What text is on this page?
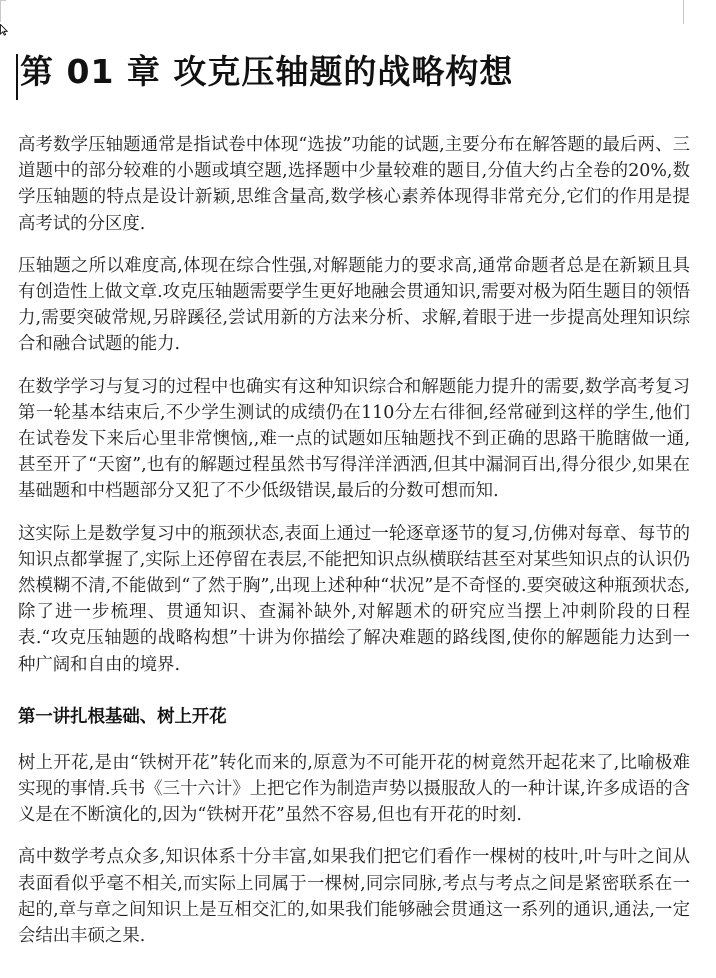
第 01 章 攻克压轴题的战略构想

高考数学压轴题通常是指试卷中体现“选拔”功能的试题,主要分布在解答题的最后两、三道题中的部分较难的小题或填空题,选择题中少量较难的题目,分值大约占全卷的20%,数学压轴题的特点是设计新颖,思维含量高,数学核心素养体现得非常充分,它们的作用是提高考试的分区度.

压轴题之所以难度高,体现在综合性强,对解题能力的要求高,通常命题者总是在新颖且具有创造性上做文章.攻克压轴题需要学生更好地融会贯通知识,需要对极为陌生题目的领悟力,需要突破常规,另辟蹊径,尝试用新的方法来分析、求解,着眼于进一步提高处理知识综合和融合试题的能力.

在数学学习与复习的过程中也确实有这种知识综合和解题能力提升的需要,数学高考复习第一轮基本结束后,不少学生测试的成绩仍在110分左右徘徊,经常碰到这样的学生,他们在试卷发下来后心里非常懊恼,,难一点的试题如压轴题找不到正确的思路干脆瞎做一通,甚至开了“天窗”,也有的解题过程虽然书写得洋洋洒洒,但其中漏洞百出,得分很少,如果在基础题和中档题部分又犯了不少低级错误,最后的分数可想而知.

这实际上是数学复习中的瓶颈状态,表面上通过一轮逐章逐节的复习,仿佛对每章、每节的知识点都掌握了,实际上还停留在表层,不能把知识点纵横联结甚至对某些知识点的认识仍然模糊不清,不能做到“了然于胸”,出现上述种种“状况”是不奇怪的.要突破这种瓶颈状态,除了进一步梳理、贯通知识、查漏补缺外,对解题术的研究应当摆上冲刺阶段的日程表.“攻克压轴题的战略构想”十讲为你描绘了解决难题的路线图,使你的解题能力达到一种广阔和自由的境界.

第一讲扎根基础、树上开花

树上开花,是由“铁树开花”转化而来的,原意为不可能开花的树竟然开起花来了,比喻极难实现的事情.兵书《三十六计》上把它作为制造声势以摄服敌人的一种计谋,许多成语的含义是在不断演化的,因为“铁树开花”虽然不容易,但也有开花的时刻.

高中数学考点众多,知识体系十分丰富,如果我们把它们看作一棵树的枝叶,叶与叶之间从表面看似乎毫不相关,而实际上同属于一棵树,同宗同脉,考点与考点之间是紧密联系在一起的,章与章之间知识上是互相交汇的,如果我们能够融会贯通这一系列的通识,通法,一定会结出丰硕之果.
